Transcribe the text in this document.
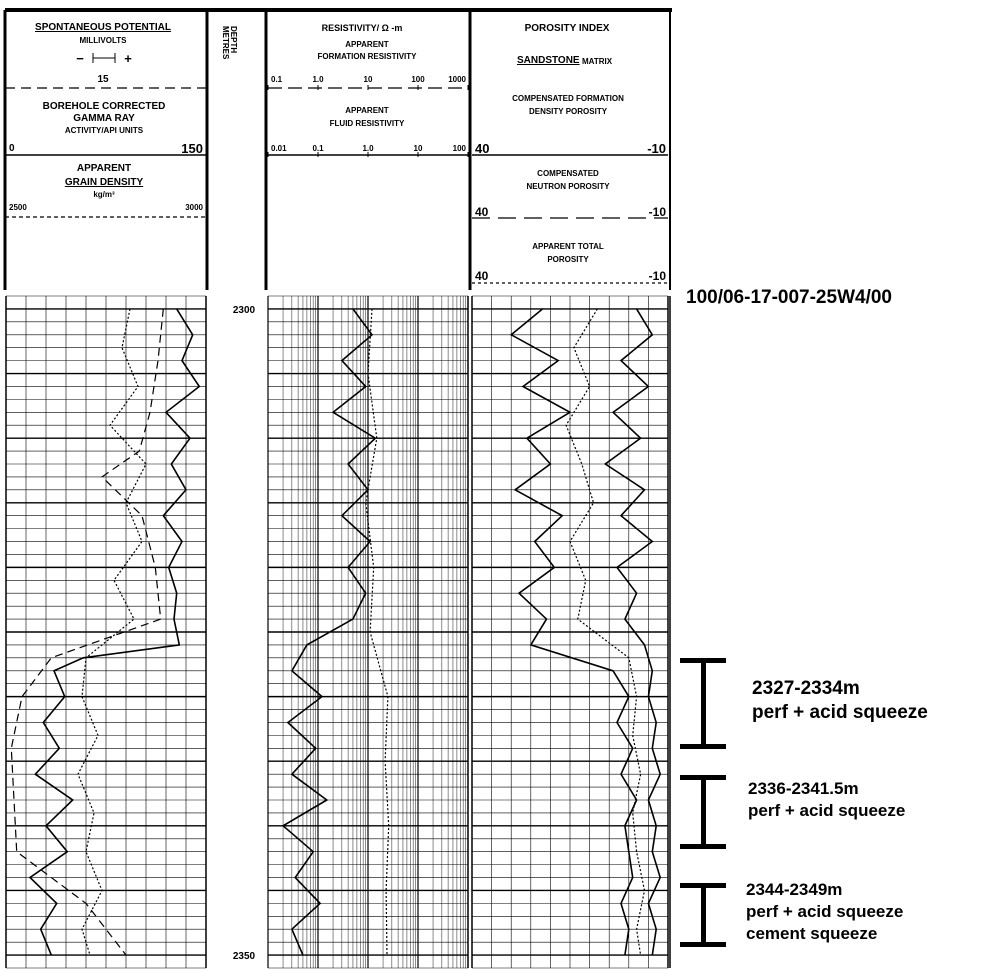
SPONTANEOUS POTENTIAL
MILLIVOLTS
−	+
15
BOREHOLE CORRECTED
GAMMA RAY
ACTIVITY/API UNITS
0	150
APPARENT
GRAIN DENSITY
kg/m³
2500	3000
DEPTH
METRES	RESISTIVITY/ Ω -m
APPARENT
FORMATION RESISTIVITY
APPARENT
FLUID RESISTIVITY
POROSITY INDEX
SANDSTONE MATRIX
COMPENSATED FORMATION
DENSITY POROSITY
40	-10
COMPENSATED
NEUTRON POROSITY
40	-10
APPARENT TOTAL
POROSITY
40	-10
0.1	1.0	10	100	1000
0.01	0.1	1.0	10	100
2300
2350
100/06-17-007-25W4/00
2327-2334m
perf + acid squeeze
2336-2341.5m
perf + acid squeeze
2344-2349m
perf + acid squeeze
cement squeeze
